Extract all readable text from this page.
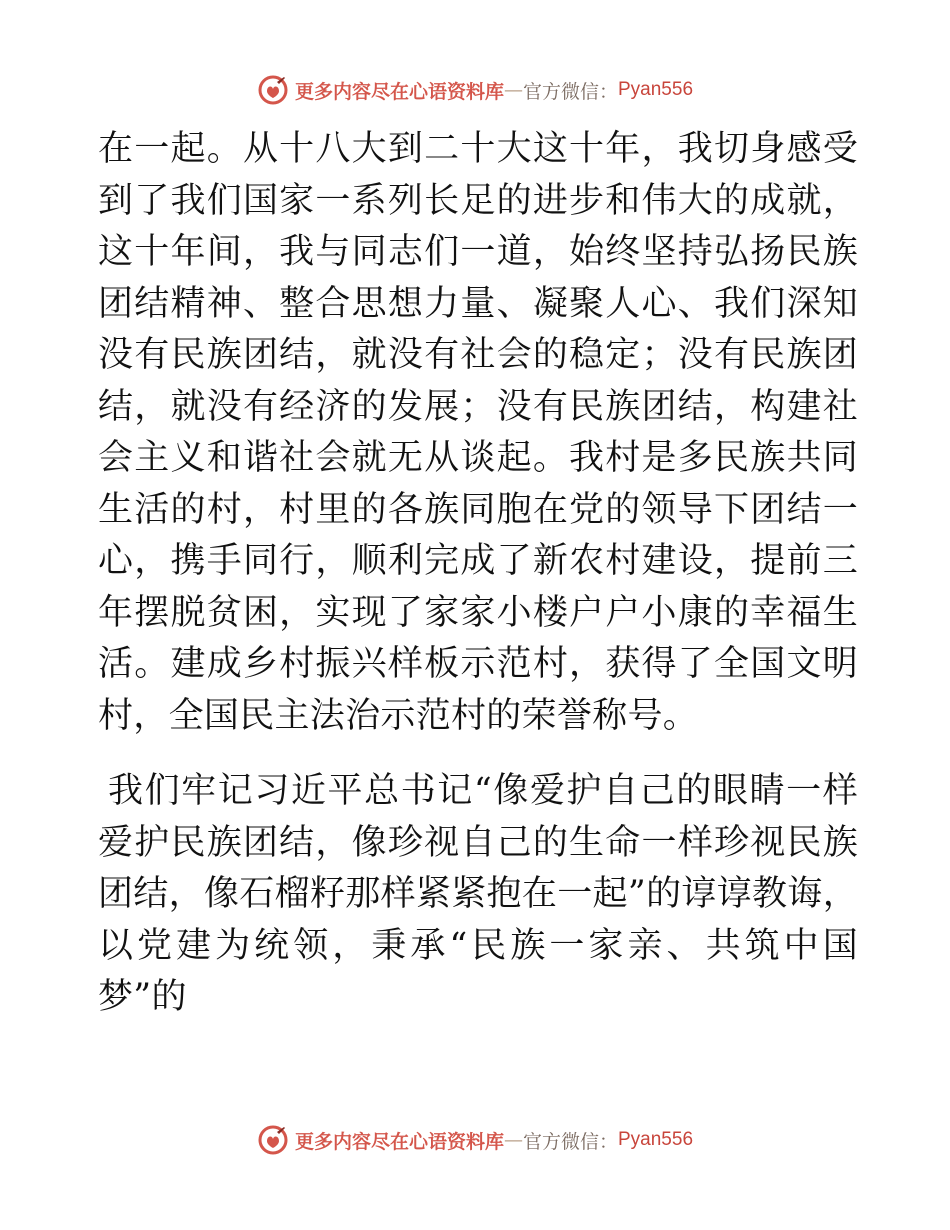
更多内容尽在心语资料库 — 官方微信： Pyan556

在一起。从十八大到二十大这十年，我切身感受到了我们国家一系列长足的进步和伟大的成就，这十年间，我与同志们一道，始终坚持弘扬民族团结精神、整合思想力量、凝聚人心、我们深知没有民族团结，就没有社会的稳定；没有民族团结，就没有经济的发展；没有民族团结，构建社会主义和谐社会就无从谈起。我村是多民族共同生活的村，村里的各族同胞在党的领导下团结一心，携手同行，顺利完成了新农村建设，提前三年摆脱贫困，实现了家家小楼户户小康的幸福生活。建成乡村振兴样板示范村，获得了全国文明村，全国民主法治示范村的荣誉称号。

我们牢记习近平总书记“像爱护自己的眼睛一样爱护民族团结，像珍视自己的生命一样珍视民族团结，像石榴籽那样紧紧抱在一起”的谆谆教诲，以党建为统领，秉承“民族一家亲、共筑中国梦”的

更多内容尽在心语资料库 — 官方微信： Pyan556
